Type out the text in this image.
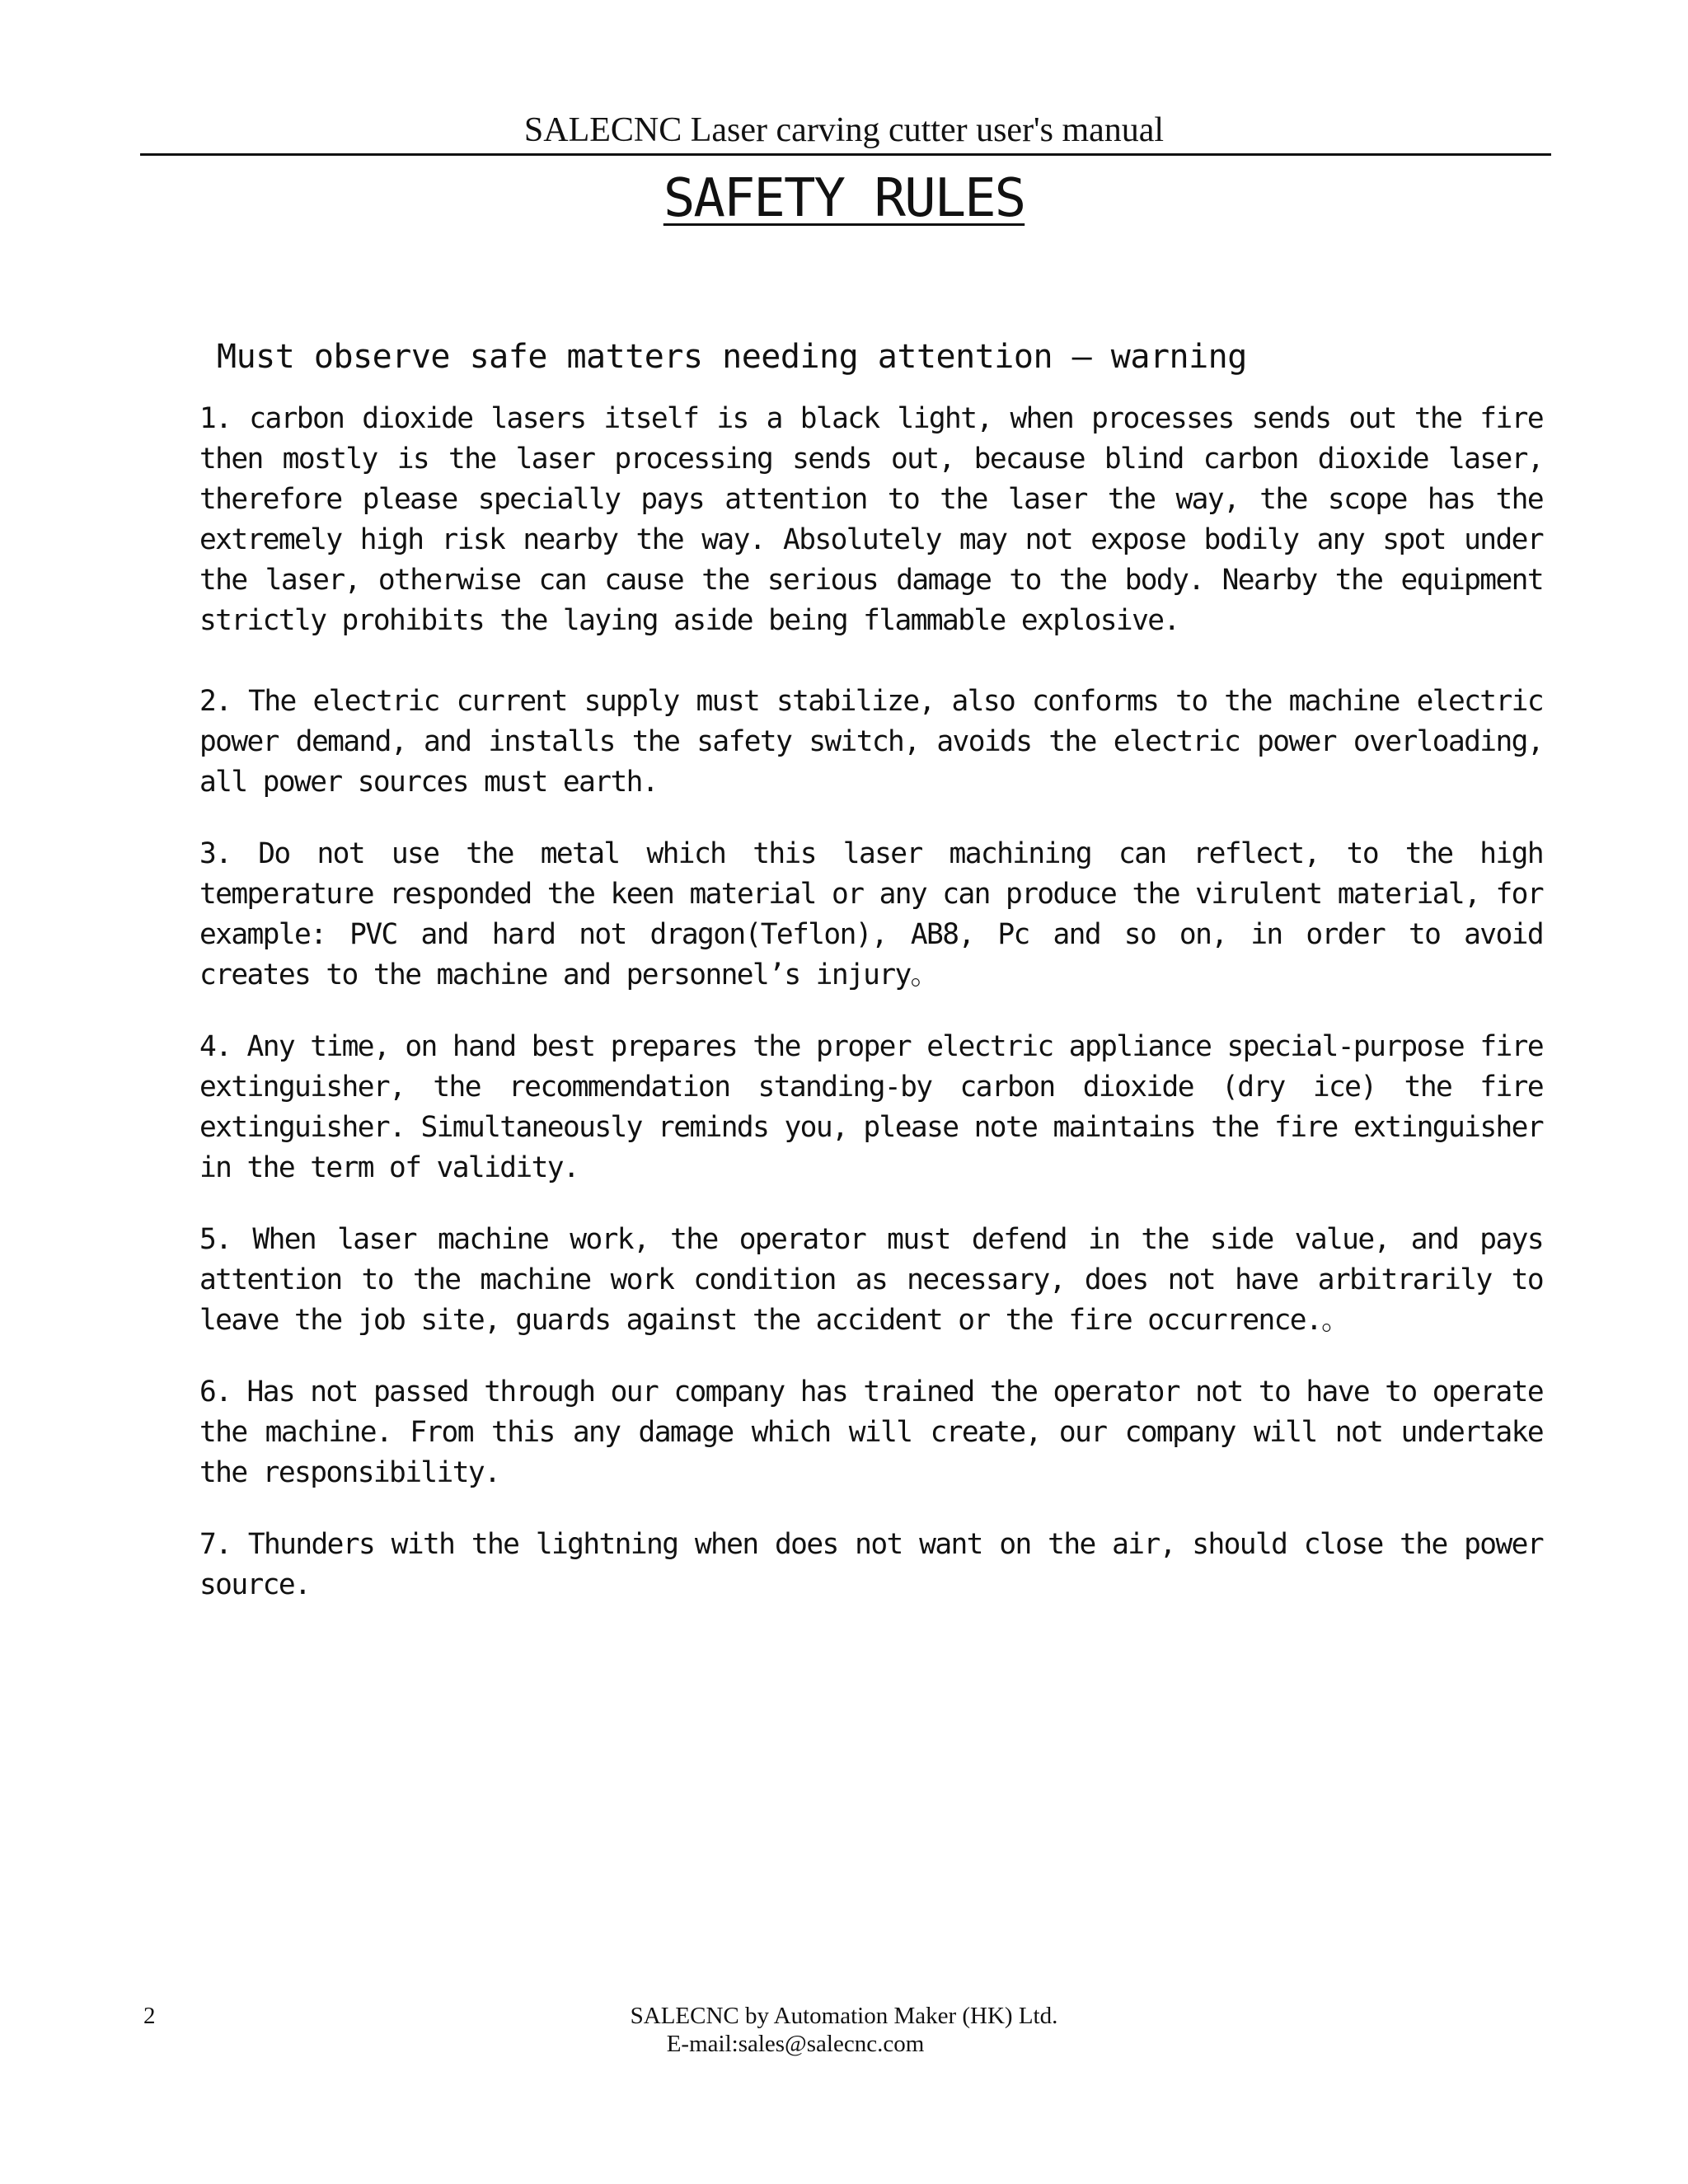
SALECNC Laser carving cutter user's manual
SAFETY RULES
Must observe safe matters needing attention – warning

1. carbon dioxide lasers itself is a black light, when processes sends out the fire then mostly is the laser processing sends out, because blind carbon dioxide laser, therefore please specially pays attention to the laser the way, the scope has the extremely high risk nearby the way. Absolutely may not expose bodily any spot under the laser, otherwise can cause the serious damage to the body. Nearby the equipment strictly prohibits the laying aside being flammable explosive.

2. The electric current supply must stabilize, also conforms to the machine electric power demand, and installs the safety switch, avoids the electric power overloading, all power sources must earth.

3. Do not use the metal which this laser machining can reflect, to the high temperature responded the keen material or any can produce the virulent material, for example: PVC and hard not dragon(Teflon), AB8, Pc and so on, in order to avoid creates to the machine and personnel’s injury。

4. Any time, on hand best prepares the proper electric appliance special-purpose fire extinguisher, the recommendation standing-by carbon dioxide (dry ice) the fire extinguisher. Simultaneously reminds you, please note maintains the fire extinguisher in the term of validity.

5. When laser machine work, the operator must defend in the side value, and pays attention to the machine work condition as necessary, does not have arbitrarily to leave the job site, guards against the accident or the fire occurrence.。

6. Has not passed through our company has trained the operator not to have to operate the machine. From this any damage which will create, our company will not undertake the responsibility.

7. Thunders with the lightning when does not want on the air, should close the power source.

2	SALECNC by Automation Maker (HK) Ltd.
E-mail:sales@salecnc.com
